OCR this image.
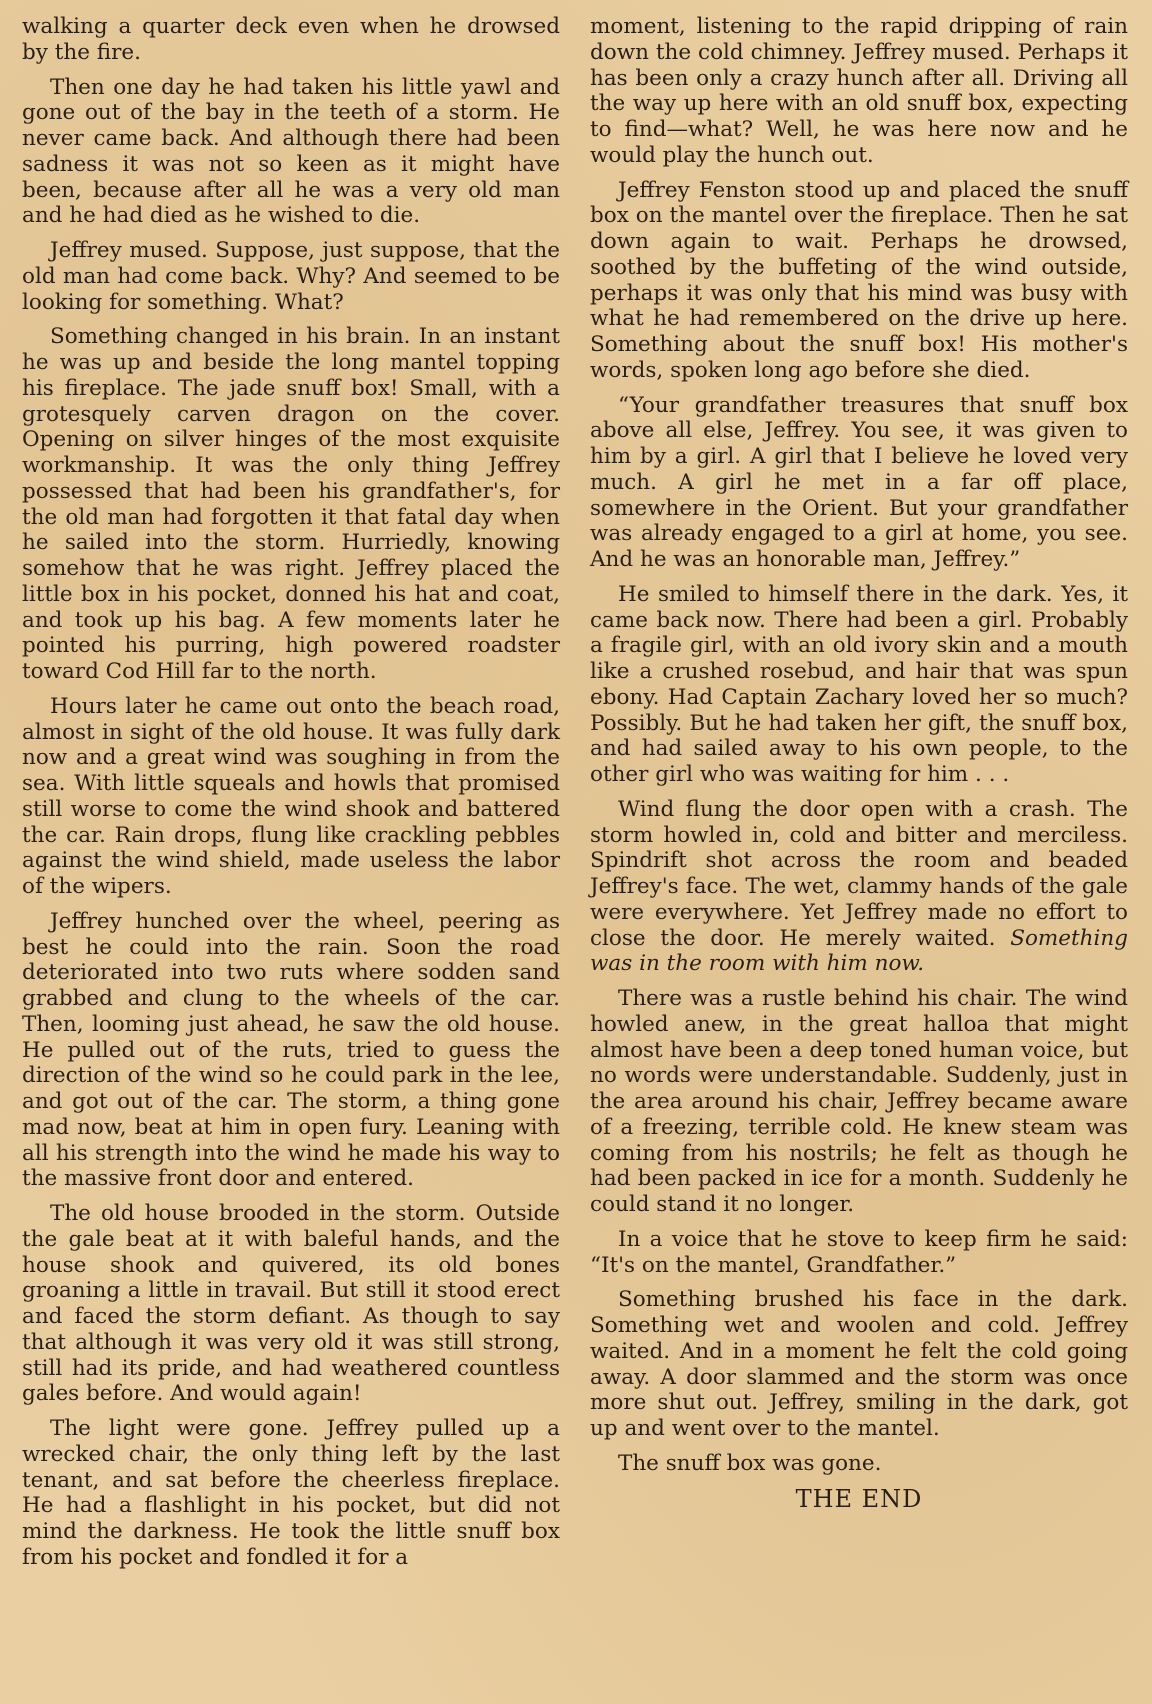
walking a quarter deck even when he drowsed by the fire.

Then one day he had taken his little yawl and gone out of the bay in the teeth of a storm. He never came back. And although there had been sadness it was not so keen as it might have been, because after all he was a very old man and he had died as he wished to die.

Jeffrey mused. Suppose, just suppose, that the old man had come back. Why? And seemed to be looking for something. What?

Something changed in his brain. In an instant he was up and beside the long mantel topping his fireplace. The jade snuff box! Small, with a grotesquely carven dragon on the cover. Opening on silver hinges of the most exquisite workmanship. It was the only thing Jeffrey possessed that had been his grandfather's, for the old man had forgotten it that fatal day when he sailed into the storm. Hurriedly, knowing somehow that he was right. Jeffrey placed the little box in his pocket, donned his hat and coat, and took up his bag. A few moments later he pointed his purring, high powered roadster toward Cod Hill far to the north.

Hours later he came out onto the beach road, almost in sight of the old house. It was fully dark now and a great wind was soughing in from the sea. With little squeals and howls that promised still worse to come the wind shook and battered the car. Rain drops, flung like crackling pebbles against the wind shield, made useless the labor of the wipers.

Jeffrey hunched over the wheel, peering as best he could into the rain. Soon the road deteriorated into two ruts where sodden sand grabbed and clung to the wheels of the car. Then, looming just ahead, he saw the old house. He pulled out of the ruts, tried to guess the direction of the wind so he could park in the lee, and got out of the car. The storm, a thing gone mad now, beat at him in open fury. Leaning with all his strength into the wind he made his way to the massive front door and entered.

The old house brooded in the storm. Outside the gale beat at it with baleful hands, and the house shook and quivered, its old bones groaning a little in travail. But still it stood erect and faced the storm defiant. As though to say that although it was very old it was still strong, still had its pride, and had weathered countless gales before. And would again!

The light were gone. Jeffrey pulled up a wrecked chair, the only thing left by the last tenant, and sat before the cheerless fireplace. He had a flashlight in his pocket, but did not mind the darkness. He took the little snuff box from his pocket and fondled it for a

moment, listening to the rapid dripping of rain down the cold chimney. Jeffrey mused. Perhaps it has been only a crazy hunch after all. Driving all the way up here with an old snuff box, expecting to find—what? Well, he was here now and he would play the hunch out.

Jeffrey Fenston stood up and placed the snuff box on the mantel over the fireplace. Then he sat down again to wait. Perhaps he drowsed, soothed by the buffeting of the wind outside, perhaps it was only that his mind was busy with what he had remembered on the drive up here. Something about the snuff box! His mother's words, spoken long ago before she died.

“Your grandfather treasures that snuff box above all else, Jeffrey. You see, it was given to him by a girl. A girl that I believe he loved very much. A girl he met in a far off place, somewhere in the Orient. But your grandfather was already engaged to a girl at home, you see. And he was an honorable man, Jeffrey.”

He smiled to himself there in the dark. Yes, it came back now. There had been a girl. Probably a fragile girl, with an old ivory skin and a mouth like a crushed rosebud, and hair that was spun ebony. Had Captain Zachary loved her so much? Possibly. But he had taken her gift, the snuff box, and had sailed away to his own people, to the other girl who was waiting for him . . .

Wind flung the door open with a crash. The storm howled in, cold and bitter and merciless. Spindrift shot across the room and beaded Jeffrey's face. The wet, clammy hands of the gale were everywhere. Yet Jeffrey made no effort to close the door. He merely waited. Something was in the room with him now.

There was a rustle behind his chair. The wind howled anew, in the great halloa that might almost have been a deep toned human voice, but no words were understandable. Suddenly, just in the area around his chair, Jeffrey became aware of a freezing, terrible cold. He knew steam was coming from his nostrils; he felt as though he had been packed in ice for a month. Suddenly he could stand it no longer.

In a voice that he stove to keep firm he said: “It's on the mantel, Grandfather.”

Something brushed his face in the dark. Something wet and woolen and cold. Jeffrey waited. And in a moment he felt the cold going away. A door slammed and the storm was once more shut out. Jeffrey, smiling in the dark, got up and went over to the mantel.

The snuff box was gone.

THE END
